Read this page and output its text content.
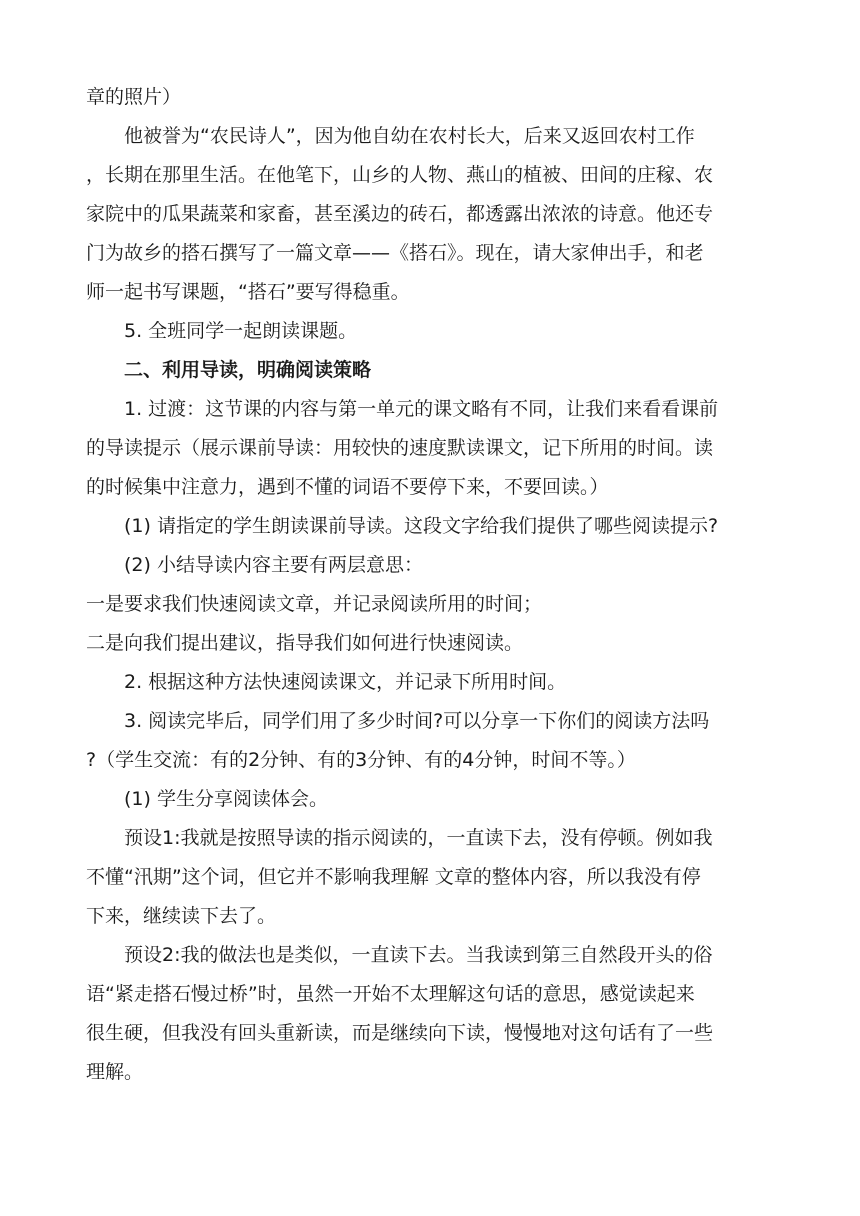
章的照片）
他被誉为“农民诗人”，因为他自幼在农村长大，后来又返回农村工作
，长期在那里生活。在他笔下，山乡的人物、燕山的植被、田间的庄稼、农
家院中的瓜果蔬菜和家畜，甚至溪边的砖石，都透露出浓浓的诗意。他还专
门为故乡的搭石撰写了一篇文章——《搭石》。现在，请大家伸出手，和老
师一起书写课题，“搭石”要写得稳重。
5. 全班同学一起朗读课题。
二、利用导读，明确阅读策略
1. 过渡：这节课的内容与第一单元的课文略有不同，让我们来看看课前
的导读提示（展示课前导读：用较快的速度默读课文，记下所用的时间。读
的时候集中注意力，遇到不懂的词语不要停下来，不要回读。）
(1) 请指定的学生朗读课前导读。这段文字给我们提供了哪些阅读提示?
(2) 小结导读内容主要有两层意思：
一是要求我们快速阅读文章，并记录阅读所用的时间；
二是向我们提出建议，指导我们如何进行快速阅读。
2. 根据这种方法快速阅读课文，并记录下所用时间。
3. 阅读完毕后，同学们用了多少时间?可以分享一下你们的阅读方法吗
?（学生交流：有的2分钟、有的3分钟、有的4分钟，时间不等。）
(1) 学生分享阅读体会。
预设1:我就是按照导读的指示阅读的，一直读下去，没有停顿。例如我
不懂“汛期”这个词，但它并不影响我理解 文章的整体内容，所以我没有停
下来，继续读下去了。
预设2:我的做法也是类似，一直读下去。当我读到第三自然段开头的俗
语“紧走搭石慢过桥”时，虽然一开始不太理解这句话的意思，感觉读起来
很生硬，但我没有回头重新读，而是继续向下读，慢慢地对这句话有了一些
理解。
